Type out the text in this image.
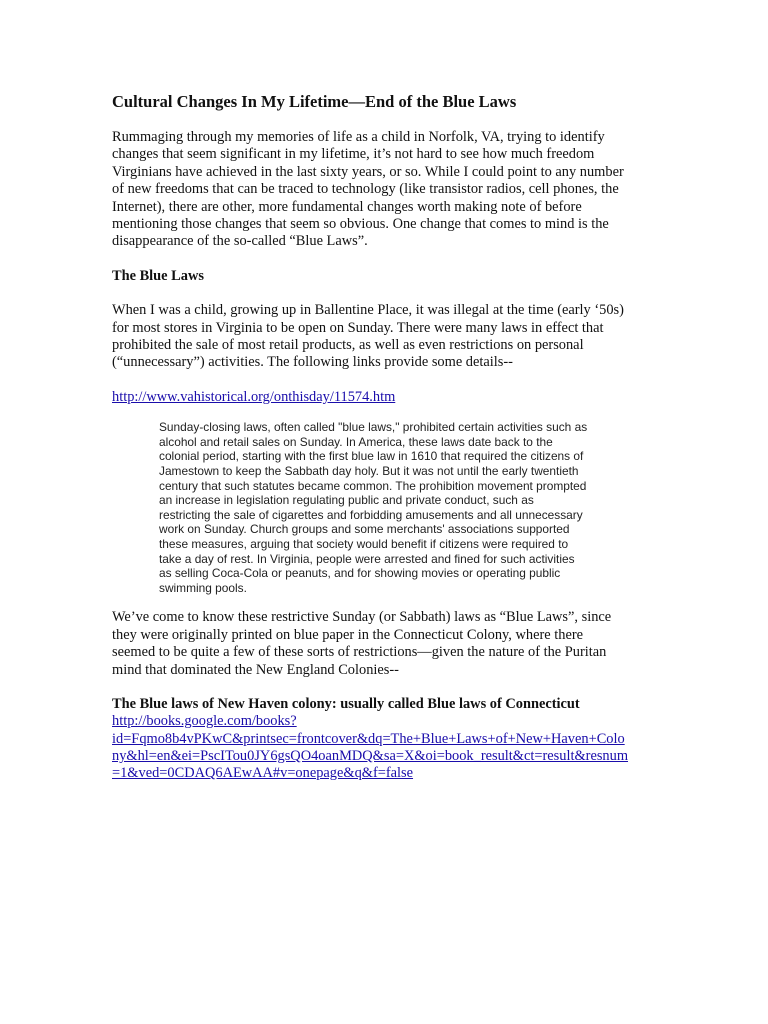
Cultural Changes In My Lifetime—End of the Blue Laws
Rummaging through my memories of life as a child in Norfolk, VA, trying to identify
changes that seem significant in my lifetime, it’s not hard to see how much freedom
Virginians have achieved in the last sixty years, or so. While I could point to any number
of new freedoms that can be traced to technology (like transistor radios, cell phones, the
Internet), there are other, more fundamental changes worth making note of before
mentioning those changes that seem so obvious. One change that comes to mind is the
disappearance of the so-called “Blue Laws”.
The Blue Laws
When I was a child, growing up in Ballentine Place, it was illegal at the time (early ‘50s)
for most stores in Virginia to be open on Sunday. There were many laws in effect that
prohibited the sale of most retail products, as well as even restrictions on personal
(“unnecessary”) activities. The following links provide some details--
http://www.vahistorical.org/onthisday/11574.htm
Sunday-closing laws, often called "blue laws," prohibited certain activities such as
alcohol and retail sales on Sunday. In America, these laws date back to the
colonial period, starting with the first blue law in 1610 that required the citizens of
Jamestown to keep the Sabbath day holy. But it was not until the early twentieth
century that such statutes became common. The prohibition movement prompted
an increase in legislation regulating public and private conduct, such as
restricting the sale of cigarettes and forbidding amusements and all unnecessary
work on Sunday. Church groups and some merchants' associations supported
these measures, arguing that society would benefit if citizens were required to
take a day of rest. In Virginia, people were arrested and fined for such activities
as selling Coca-Cola or peanuts, and for showing movies or operating public
swimming pools.
We’ve come to know these restrictive Sunday (or Sabbath) laws as “Blue Laws”, since
they were originally printed on blue paper in the Connecticut Colony, where there
seemed to be quite a few of these sorts of restrictions—given the nature of the Puritan
mind that dominated the New England Colonies--
The Blue laws of New Haven colony: usually called Blue laws of Connecticut
http://books.google.com/books?
id=Fqmo8b4vPKwC&printsec=frontcover&dq=The+Blue+Laws+of+New+Haven+Colo
ny&hl=en&ei=PscITou0JY6gsQO4oanMDQ&sa=X&oi=book_result&ct=result&resnum
=1&ved=0CDAQ6AEwAA#v=onepage&q&f=false
